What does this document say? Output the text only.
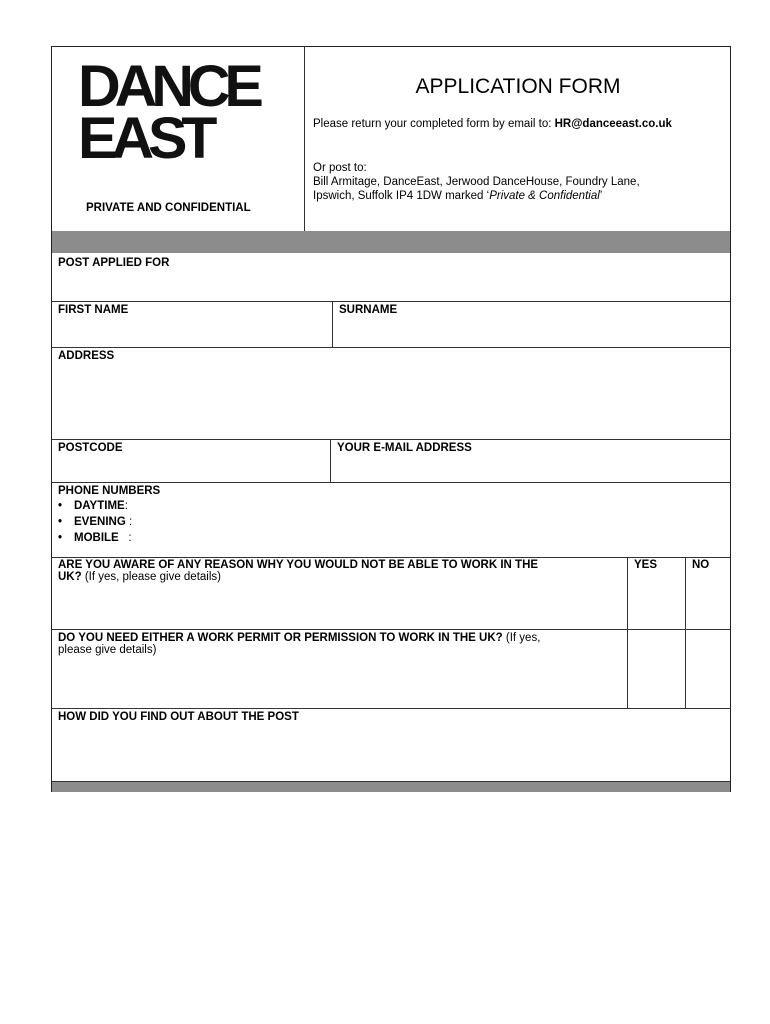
DANCE
EAST
PRIVATE AND CONFIDENTIAL
APPLICATION FORM
Please return your completed form by email to: HR@danceeast.co.uk
Or post to:
Bill Armitage, DanceEast, Jerwood DanceHouse, Foundry Lane,
Ipswich, Suffolk IP4 1DW marked ‘Private & Confidential’
POST APPLIED FOR
FIRST NAME	SURNAME
ADDRESS
POSTCODE	YOUR E-MAIL ADDRESS
PHONE NUMBERS
• DAYTIME:
• EVENING :
• MOBILE :
ARE YOU AWARE OF ANY REASON WHY YOU WOULD NOT BE ABLE TO WORK IN THE
UK? (If yes, please give details)
YES	NO
DO YOU NEED EITHER A WORK PERMIT OR PERMISSION TO WORK IN THE UK? (If yes,
please give details)
HOW DID YOU FIND OUT ABOUT THE POST
